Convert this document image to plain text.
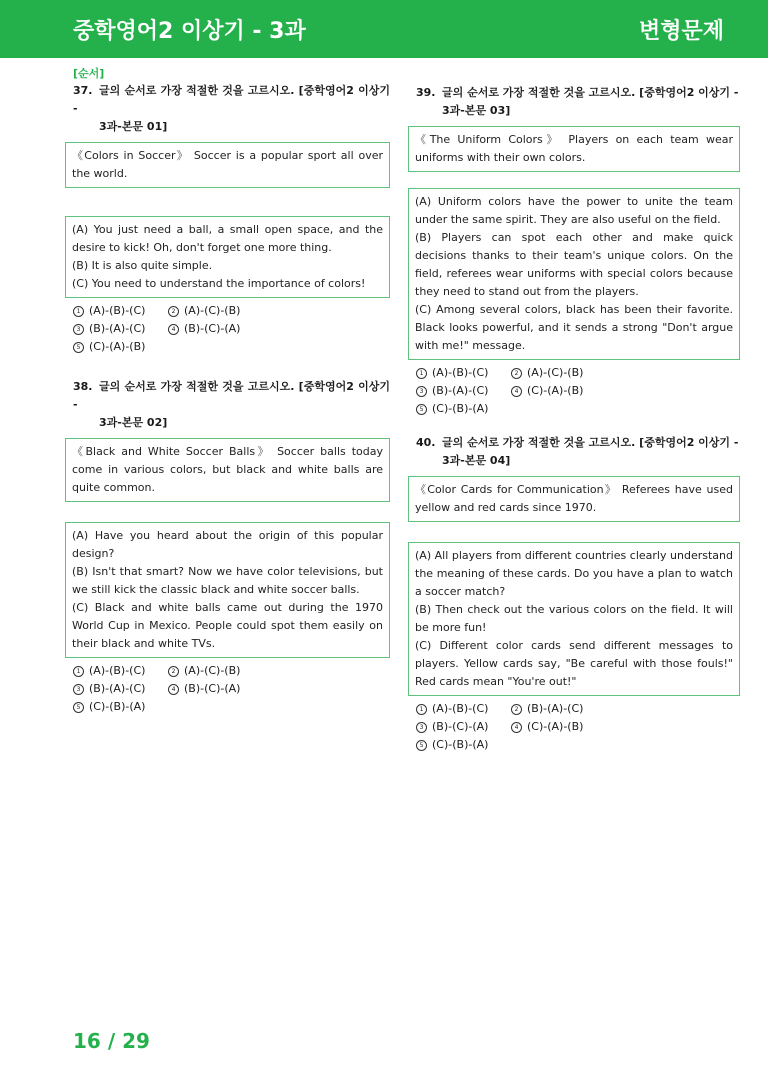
중학영어2 이상기 - 3과	변형문제
[순서]
37. 글의 순서로 가장 적절한 것을 고르시오. [중학영어2 이상기 -
3과-본문 01]

《Colors in Soccer》 Soccer is a popular sport all over the world.

(A) You just need a ball, a small open space, and the desire to kick! Oh, don't forget one more thing.

(B) It is also quite simple.

(C) You need to understand the importance of colors!

1 (A)-(B)-(C)	2 (A)-(C)-(B)
3 (B)-(A)-(C)	4 (B)-(C)-(A)
5 (C)-(A)-(B)
38. 글의 순서로 가장 적절한 것을 고르시오. [중학영어2 이상기 -
3과-본문 02]

《Black and White Soccer Balls》 Soccer balls today come in various colors, but black and white balls are quite common.

(A) Have you heard about the origin of this popular design?

(B) Isn't that smart? Now we have color televisions, but we still kick the classic black and white soccer balls.

(C) Black and white balls came out during the 1970 World Cup in Mexico. People could spot them easily on their black and white TVs.

1 (A)-(B)-(C)	2 (A)-(C)-(B)
3 (B)-(A)-(C)	4 (B)-(C)-(A)
5 (C)-(B)-(A)
39. 글의 순서로 가장 적절한 것을 고르시오. [중학영어2 이상기 -
3과-본문 03]

《The Uniform Colors》 Players on each team wear uniforms with their own colors.

(A) Uniform colors have the power to unite the team under the same spirit. They are also useful on the field.

(B) Players can spot each other and make quick decisions thanks to their team's unique colors. On the field, referees wear uniforms with special colors because they need to stand out from the players.

(C) Among several colors, black has been their favorite. Black looks powerful, and it sends a strong "Don't argue with me!" message.

1 (A)-(B)-(C)	2 (A)-(C)-(B)
3 (B)-(A)-(C)	4 (C)-(A)-(B)
5 (C)-(B)-(A)
40. 글의 순서로 가장 적절한 것을 고르시오. [중학영어2 이상기 -
3과-본문 04]

《Color Cards for Communication》 Referees have used yellow and red cards since 1970.

(A) All players from different countries clearly understand the meaning of these cards. Do you have a plan to watch a soccer match?

(B) Then check out the various colors on the field. It will be more fun!

(C) Different color cards send different messages to players. Yellow cards say, "Be careful with those fouls!" Red cards mean "You're out!"

1 (A)-(B)-(C)	2 (B)-(A)-(C)
3 (B)-(C)-(A)	4 (C)-(A)-(B)
5 (C)-(B)-(A)
16 / 29
